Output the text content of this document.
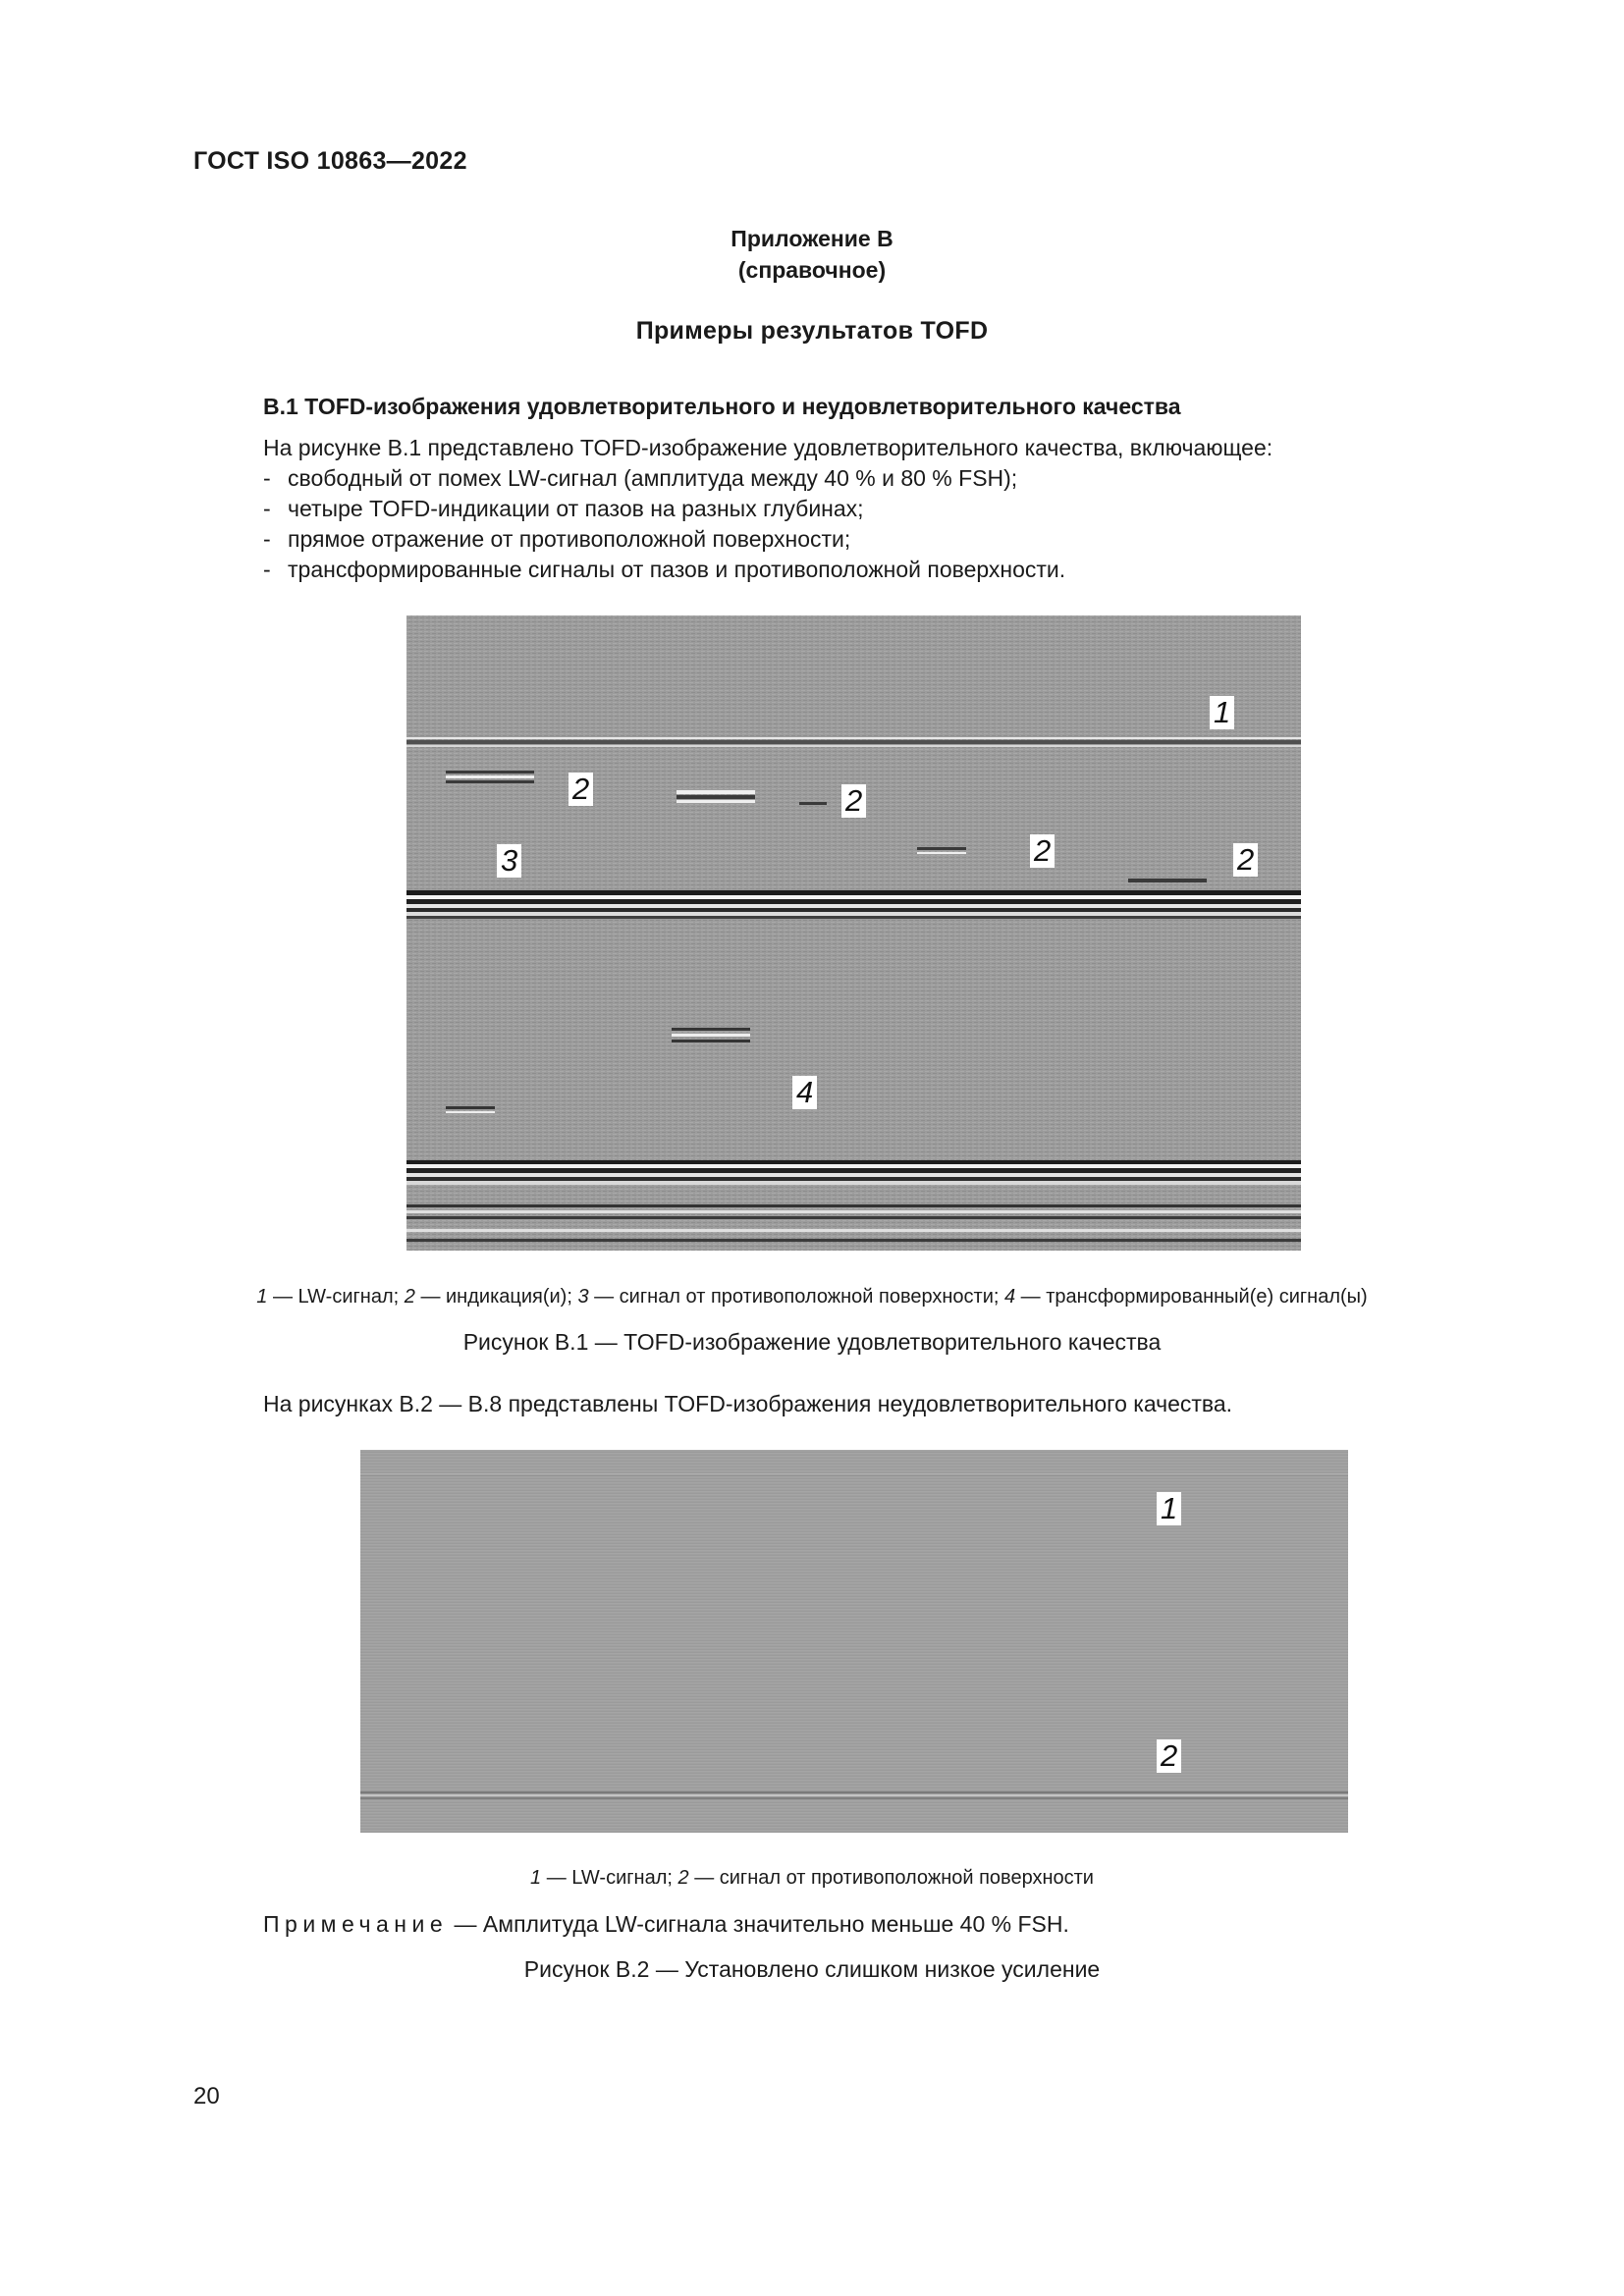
ГОСТ ISO 10863—2022
Приложение В
(справочное)
Примеры результатов TOFD
В.1 TOFD-изображения удовлетворительного и неудовлетворительного качества
На рисунке В.1 представлено TOFD-изображение удовлетворительного качества, включающее:
- свободный от помех LW-сигнал (амплитуда между 40 % и 80 % FSH);
- четыре TOFD-индикации от пазов на разных глубинах;
- прямое отражение от противоположной поверхности;
- трансформированные сигналы от пазов и противоположной поверхности.
1
2	2
2	2
3
4
1 — LW-сигнал; 2 — индикация(и); 3 — сигнал от противоположной поверхности; 4 — трансформированный(е) сигнал(ы)
Рисунок В.1 — TOFD-изображение удовлетворительного качества
На рисунках В.2 — В.8 представлены TOFD-изображения неудовлетворительного качества.
1
2
1 — LW-сигнал; 2 — сигнал от противоположной поверхности
Примечание — Амплитуда LW-сигнала значительно меньше 40 % FSH.
Рисунок В.2 — Установлено слишком низкое усиление
20
